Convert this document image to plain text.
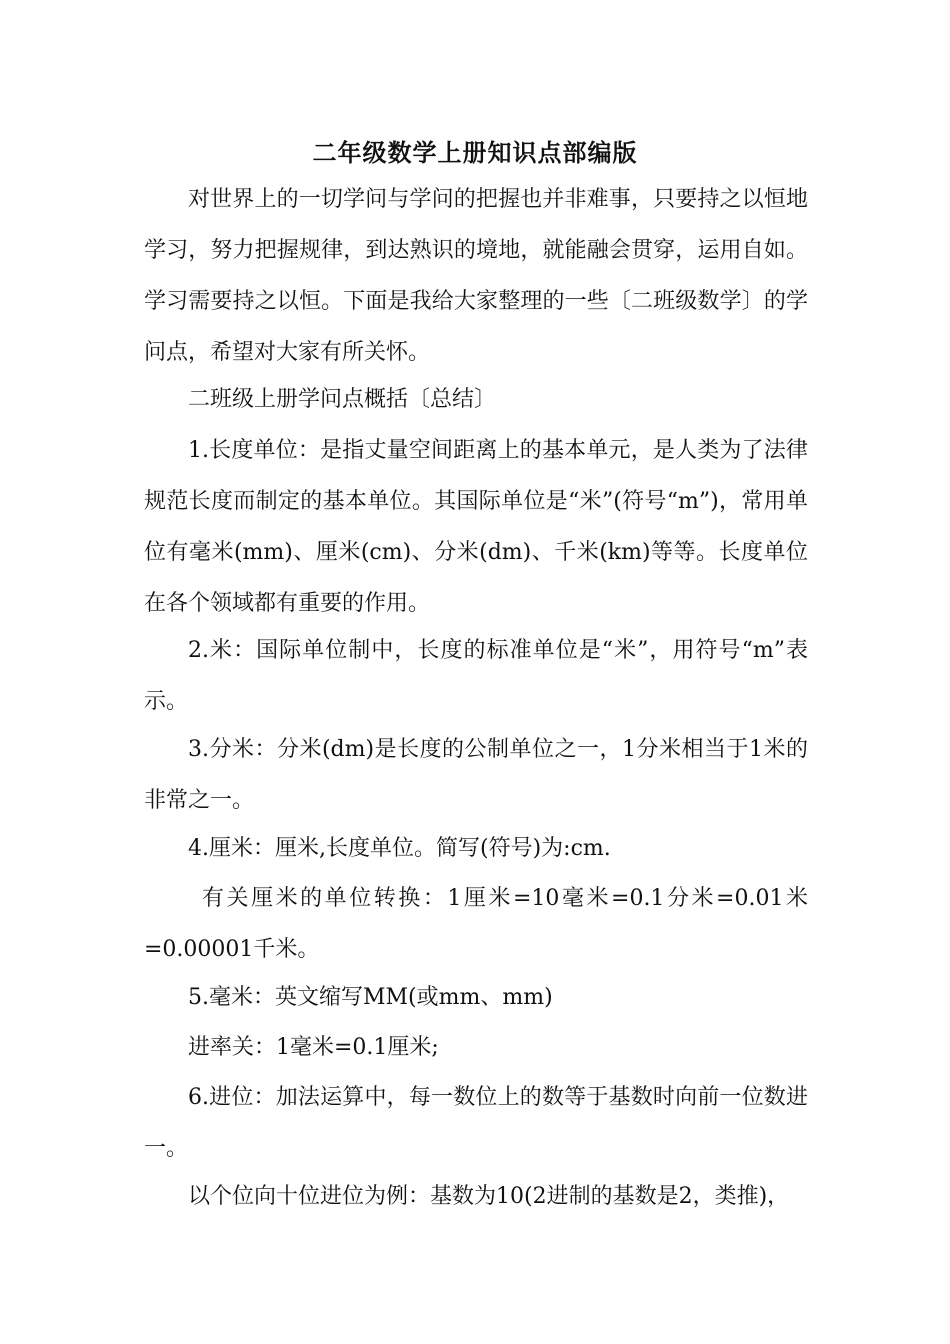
二年级数学上册知识点部编版

对世界上的一切学问与学问的把握也并非难事，只要持之以恒地学习，努力把握规律，到达熟识的境地，就能融会贯穿，运用自如。学习需要持之以恒。下面是我给大家整理的一些〔二班级数学〕的学问点，希望对大家有所关怀。

二班级上册学问点概括〔总结〕

1.长度单位：是指丈量空间距离上的基本单元，是人类为了法律规范长度而制定的基本单位。其国际单位是“米”(符号“m”)，常用单位有毫米(mm)、厘米(cm)、分米(dm)、千米(km)等等。长度单位在各个领域都有重要的作用。

2.米：国际单位制中，长度的标准单位是“米”，用符号“m”表示。

3.分米：分米(dm)是长度的公制单位之一，1分米相当于1米的非常之一。

4.厘米：厘米,长度单位。简写(符号)为:cm.

有关厘米的单位转换：1厘米=10毫米=0.1分米=0.01米=0.00001千米。

5.毫米：英文缩写MM(或mm、mm)

进率关：1毫米=0.1厘米;

6.进位：加法运算中，每一数位上的数等于基数时向前一位数进一。

以个位向十位进位为例：基数为10(2进制的基数是2，类推)，
